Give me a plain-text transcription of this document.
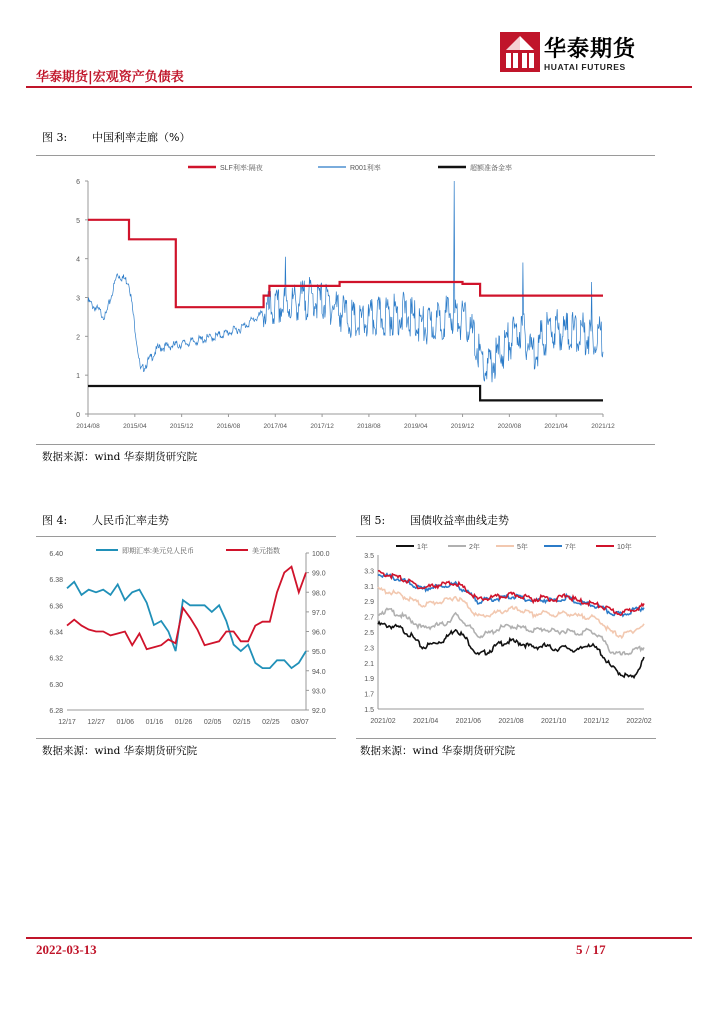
华泰期货|宏观资产负债表
华泰期货
HUATAI FUTURES
图 3: 中国利率走廊（%）
0
1
2
3
4
5
6
2014/08	2015/04	2015/12	2016/08	2017/04	2017/12	2018/08	2019/04	2019/12	2020/08	2021/04	2021/12
SLF利率:隔夜	R001利率	超额准备金率
数据来源：wind 华泰期货研究院
图 4: 人民币汇率走势
6.28
6.30
6.32
6.34
6.36
6.38
6.40
92.0
93.0
94.0
95.0
96.0
97.0
98.0
99.0
100.0
12/17 12/27 01/06 01/16 01/26 02/05 02/15 02/25 03/07
即期汇率:美元兑人民币	美元指数
数据来源：wind 华泰期货研究院
图 5: 国债收益率曲线走势
1.5
1.7
1.9
2.1
2.3
2.5
2.7
2.9
3.1
3.3
3.5
2021/02 2021/04 2021/06 2021/08 2021/10 2021/12 2022/02
1年	2年	5年	7年	10年
数据来源：wind 华泰期货研究院
2022-03-13	5 / 17
